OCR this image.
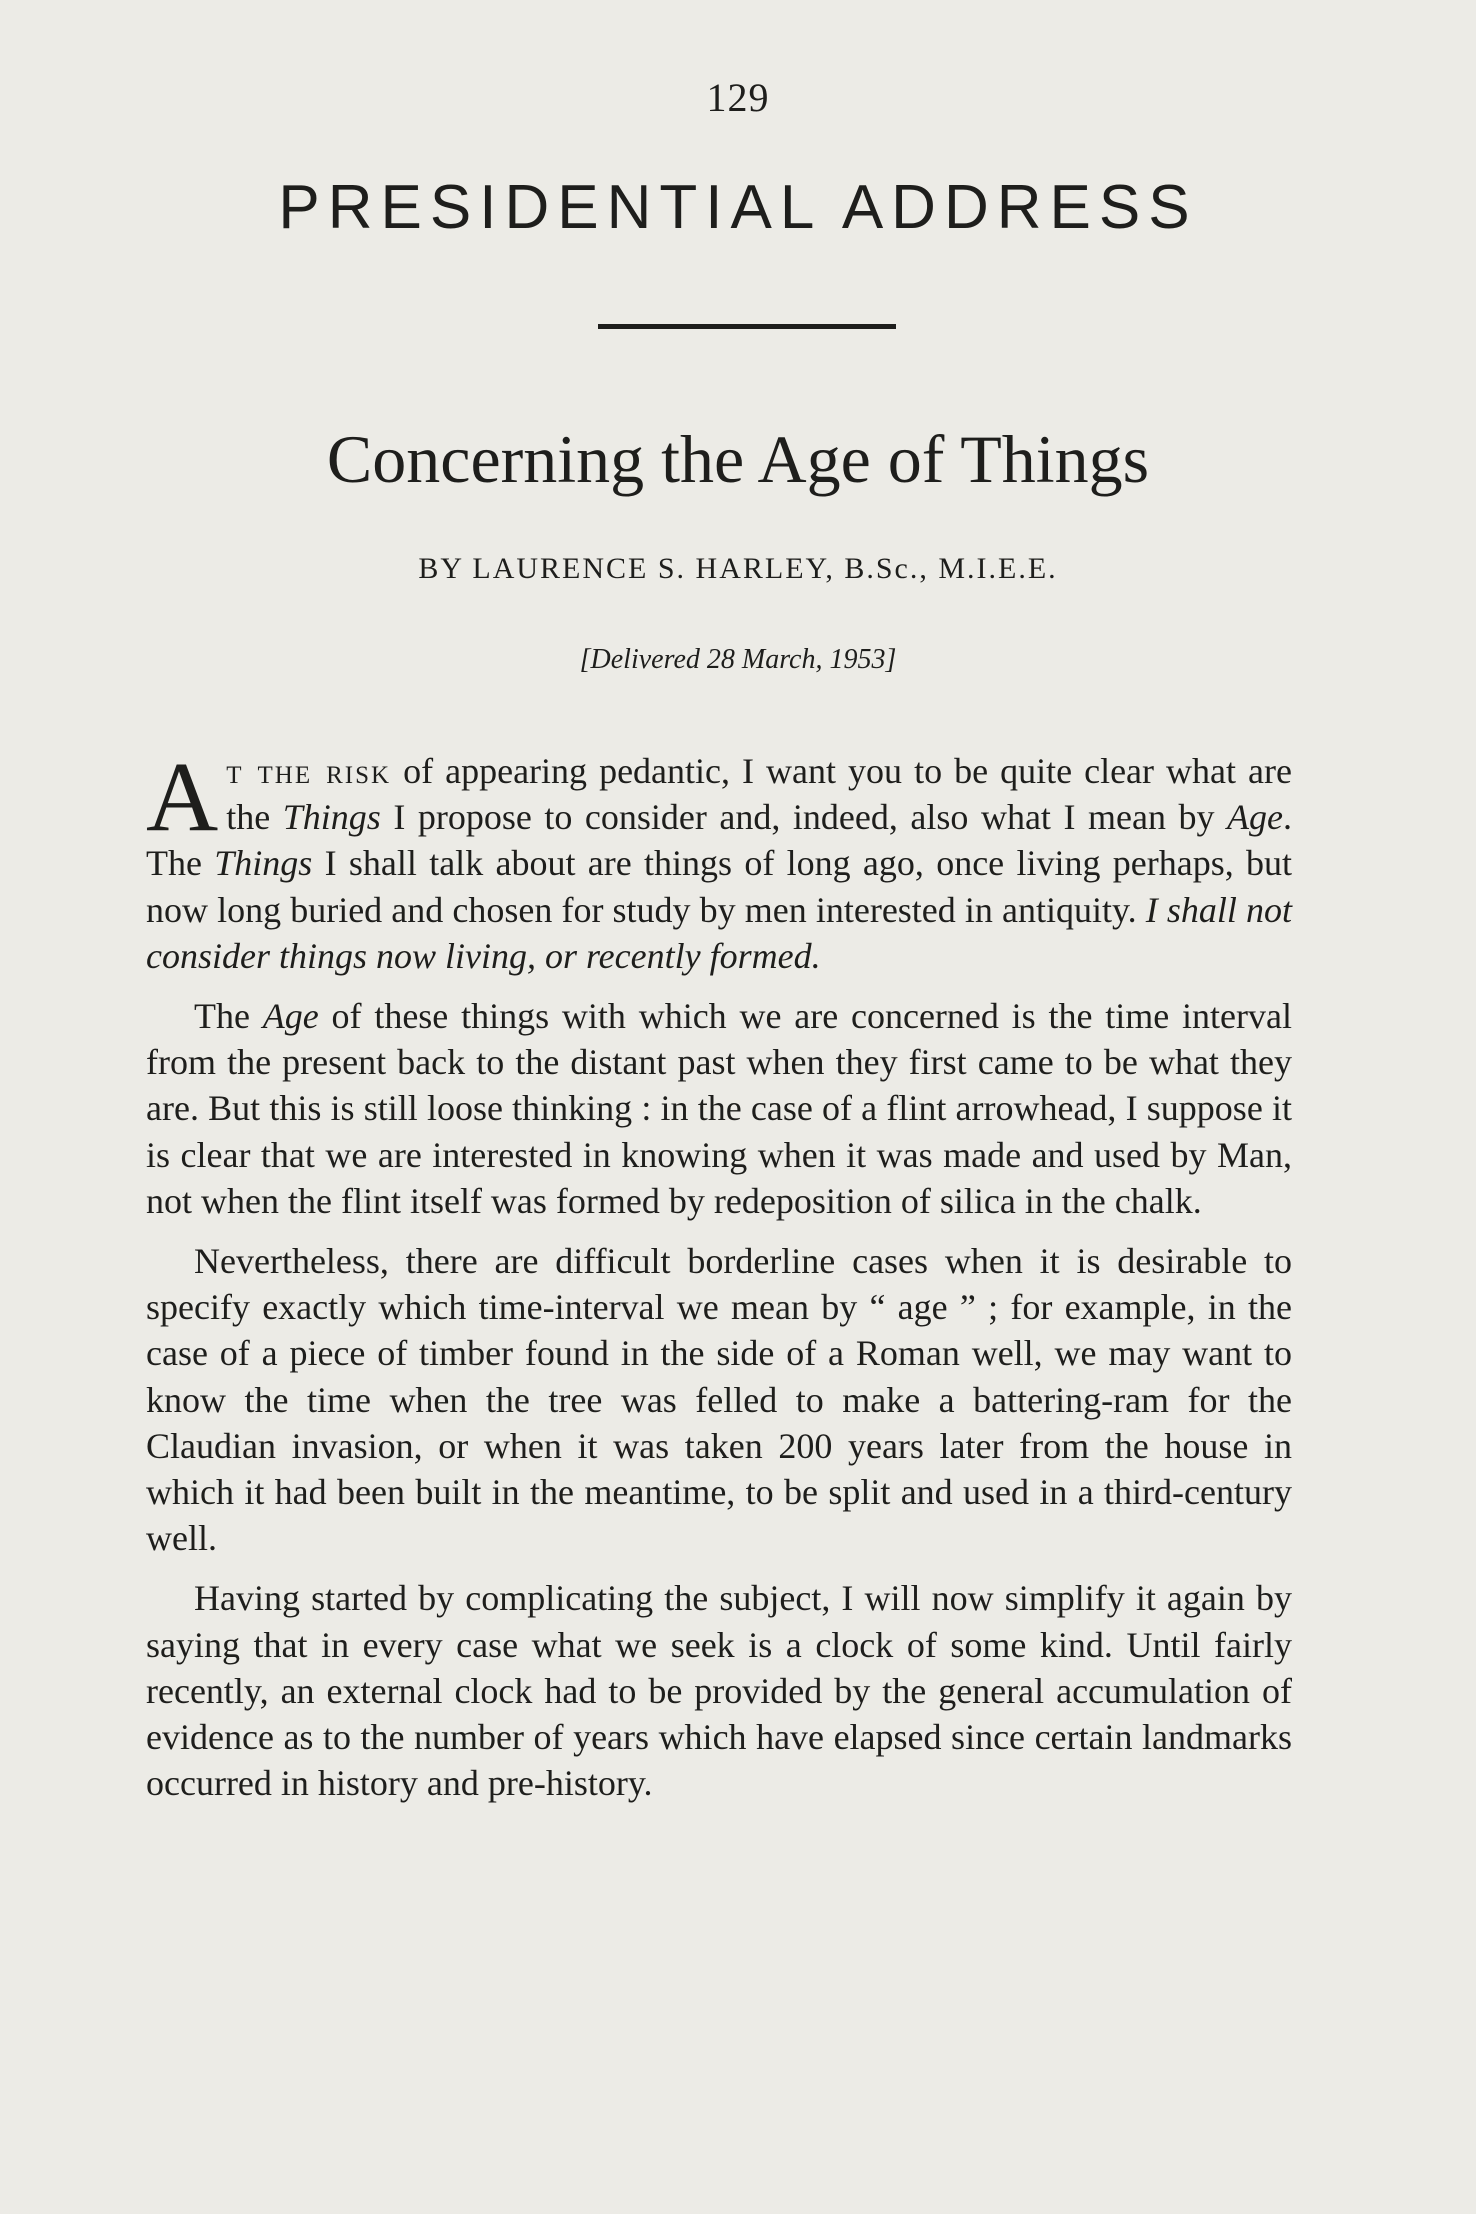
129
PRESIDENTIAL ADDRESS
Concerning the Age of Things
BY LAURENCE S. HARLEY, B.Sc., M.I.E.E.
[Delivered 28 March, 1953]

At the risk of appearing pedantic, I want you to be quite clear what are the Things I propose to consider and, indeed, also what I mean by Age. The Things I shall talk about are things of long ago, once living perhaps, but now long buried and chosen for study by men interested in antiquity. I shall not consider things now living, or recently formed.

The Age of these things with which we are concerned is the time interval from the present back to the distant past when they first came to be what they are. But this is still loose thinking : in the case of a flint arrowhead, I suppose it is clear that we are interested in knowing when it was made and used by Man, not when the flint itself was formed by redeposition of silica in the chalk.

Nevertheless, there are difficult borderline cases when it is desirable to specify exactly which time-interval we mean by “ age ” ; for example, in the case of a piece of timber found in the side of a Roman well, we may want to know the time when the tree was felled to make a battering-ram for the Claudian invasion, or when it was taken 200 years later from the house in which it had been built in the meantime, to be split and used in a third-century well.

Having started by complicating the subject, I will now simplify it again by saying that in every case what we seek is a clock of some kind. Until fairly recently, an external clock had to be provided by the general accumulation of evidence as to the number of years which have elapsed since certain landmarks occurred in history and pre-history.
